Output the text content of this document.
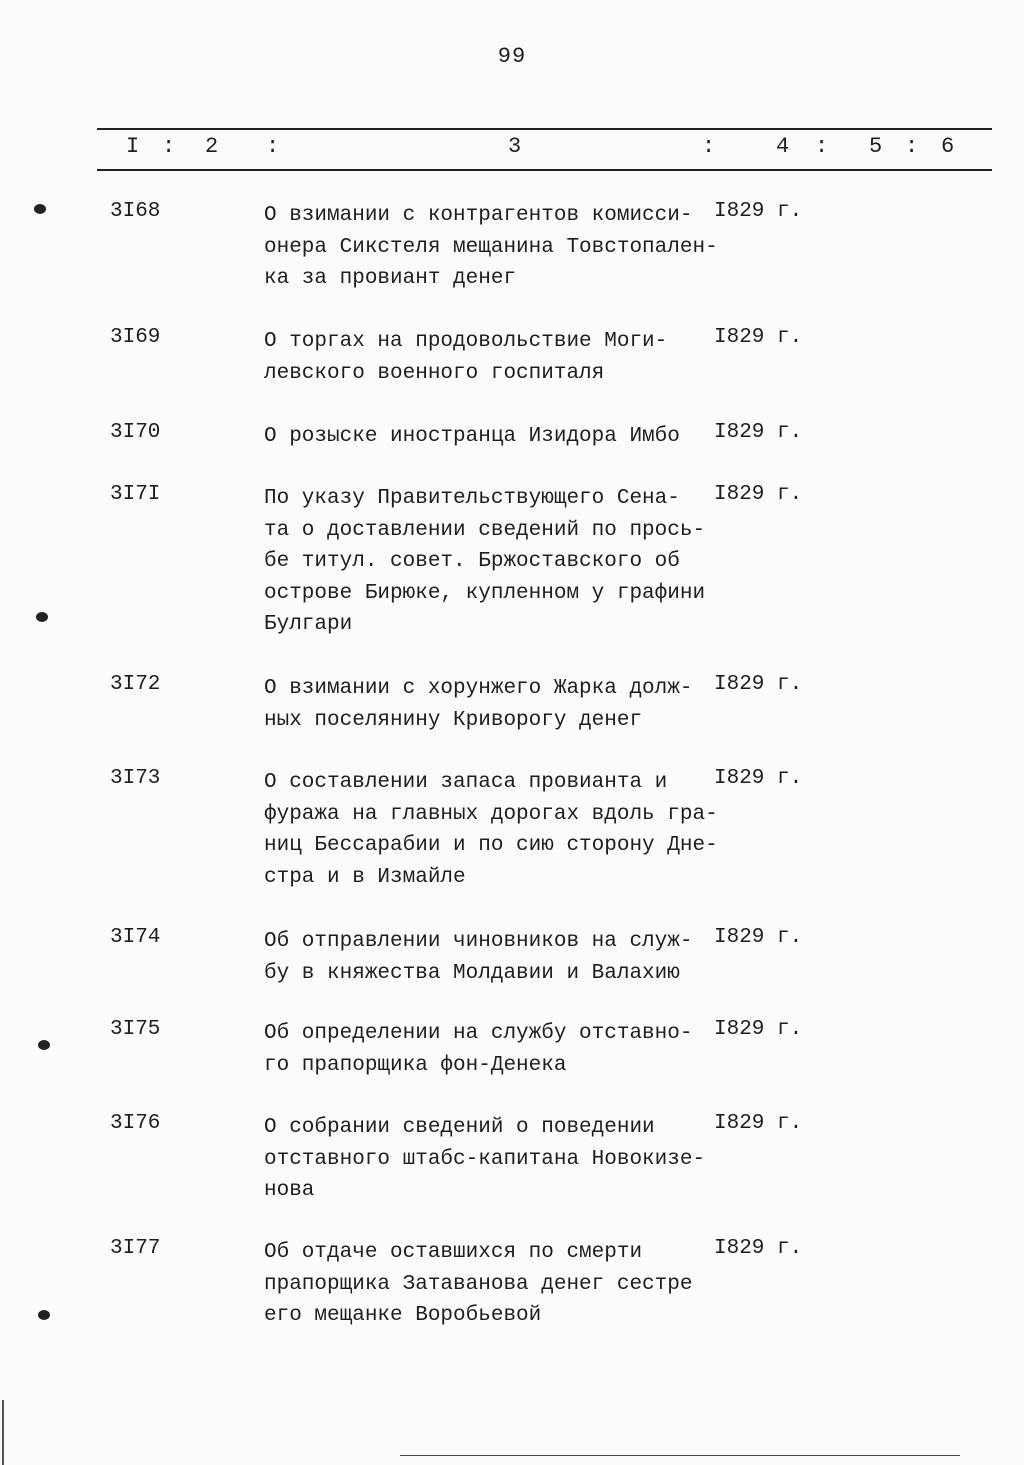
99
I : 2 :	3	:	4 : 5 : 6
3I68	О взимании с контрагентов комисси-
онера Сикстеля мещанина Товстопален-
ка за провиант денег
I829 г.
3I69	О торгах на продовольствие Моги-
левского военного госпиталя
I829 г.
3I70	О розыске иностранца Изидора Имбо	I829 г.
3I7I	По указу Правительствующего Сена-
та о доставлении сведений по прось-
бе титул. совет. Бржоставского об
острове Бирюке, купленном у графини
Булгари
I829 г.
3I72	О взимании с хорунжего Жарка долж-
ных поселянину Криворогу денег
I829 г.
3I73	О составлении запаса провианта и
фуража на главных дорогах вдоль гра-
ниц Бессарабии и по сию сторону Дне-
стра и в Измайле
I829 г.
3I74	Об отправлении чиновников на служ-
бу в княжества Молдавии и Валахию
I829 г.
3I75	Об определении на службу отставно-
го прапорщика фон-Денека
I829 г.
3I76	О собрании сведений о поведении
отставного штабс-капитана Новокизе-
нова
I829 г.
3I77	Об отдаче оставшихся по смерти
прапорщика Затаванова денег сестре
его мещанке Воробьевой
I829 г.
